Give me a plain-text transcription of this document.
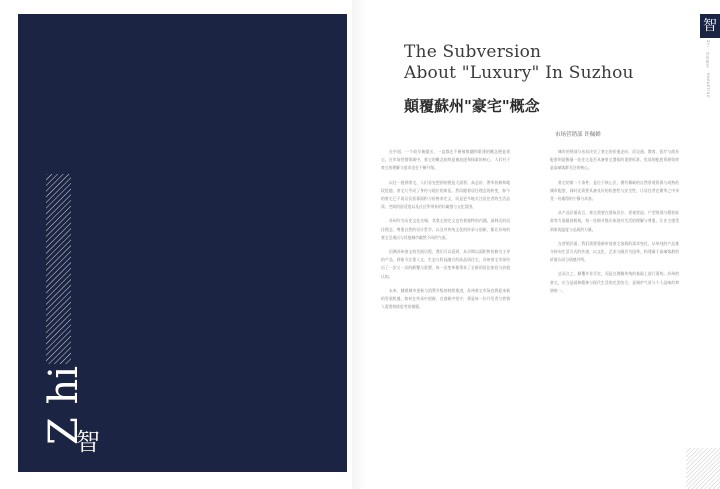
Z hi
智
The Subversion
About "Luxury" In Suzhou
顛覆蘇州"豪宅"概念
市场营销部 许佩婵

在中国，一个较早被提出，一直都在不断被推翻和重建的概念便是豪宅。在市场营销领域中，豪宅的概念始终是被追逐和探索的核心，人们对于豪宅的理解与追求也在不断升级。

以往一提到豪宅，人们首先想到的便是大面积、高总价、奢华装修和地段优越，豪宅几乎成了身份与地位的象征。然而随着居住理念的转变，如今的豪宅已不再仅仅依靠面积与价格来定义，而是更多地关注居住者的生活品质、空间的舒适度以及社区所带来的归属感与文化氛围。

苏州作为历史文化名城，其豪宅的定义也有着独特的内涵。园林式的居住理念、尊重自然的设计哲学，以及对传统文化的传承与创新，都让苏州的豪宅呈现出与其他城市截然不同的气质。

回溯苏州豪宅的发展历程，我们可以看到，从早期以面积和装修为主导的产品，到如今注重人文、生态与科技融合的高品质住宅，苏州豪宅市场经历了一次又一次的颠覆与重塑，每一次变革都带来了全新的居住体验与价值认知。

未来，随着城市更新与消费升级的持续推进，苏州豪宅市场也将迎来新的发展机遇，如何在传承中创新，在创新中坚守，将是每一位开发者与营销人需要持续思考的课题。

城市的规划与布局决定了豪宅的价值走向，而交通、教育、医疗与商业配套则是衡量一处住宅是否具备豪宅潜质的重要标准，优质的配套资源始终是高端客群关注的核心。

豪宅的第一个条件，是位于核心区，拥有稀缺的自然景观资源与成熟的城市配套，同时还需要具备良好的私密性与安全性，让居住者在繁华之中享受一份难得的宁静与从容。

从产品层面而言，豪宅需要在建筑设计、景观营造、户型规划与精装标准等方面做到极致，每一处细节都应体现对生活的理解与尊重，让业主感受到家的温度与品质的力量。

在营销层面，我们需要重新审视豪宅客群的需求变化，从单纯的产品推介转向生活方式的传递，以文化、艺术与圈层为纽带，构建属于高端客群的价值认同与情感共鸣。

总而言之，颠覆并非否定，而是在理解传统的基础上进行重构。苏州的豪宅，应当是园林精神与现代生活的完美结合，是城市气质与个人品味的和谐统一。

智
Zhi · 苏州豪宅 · MARKETING
